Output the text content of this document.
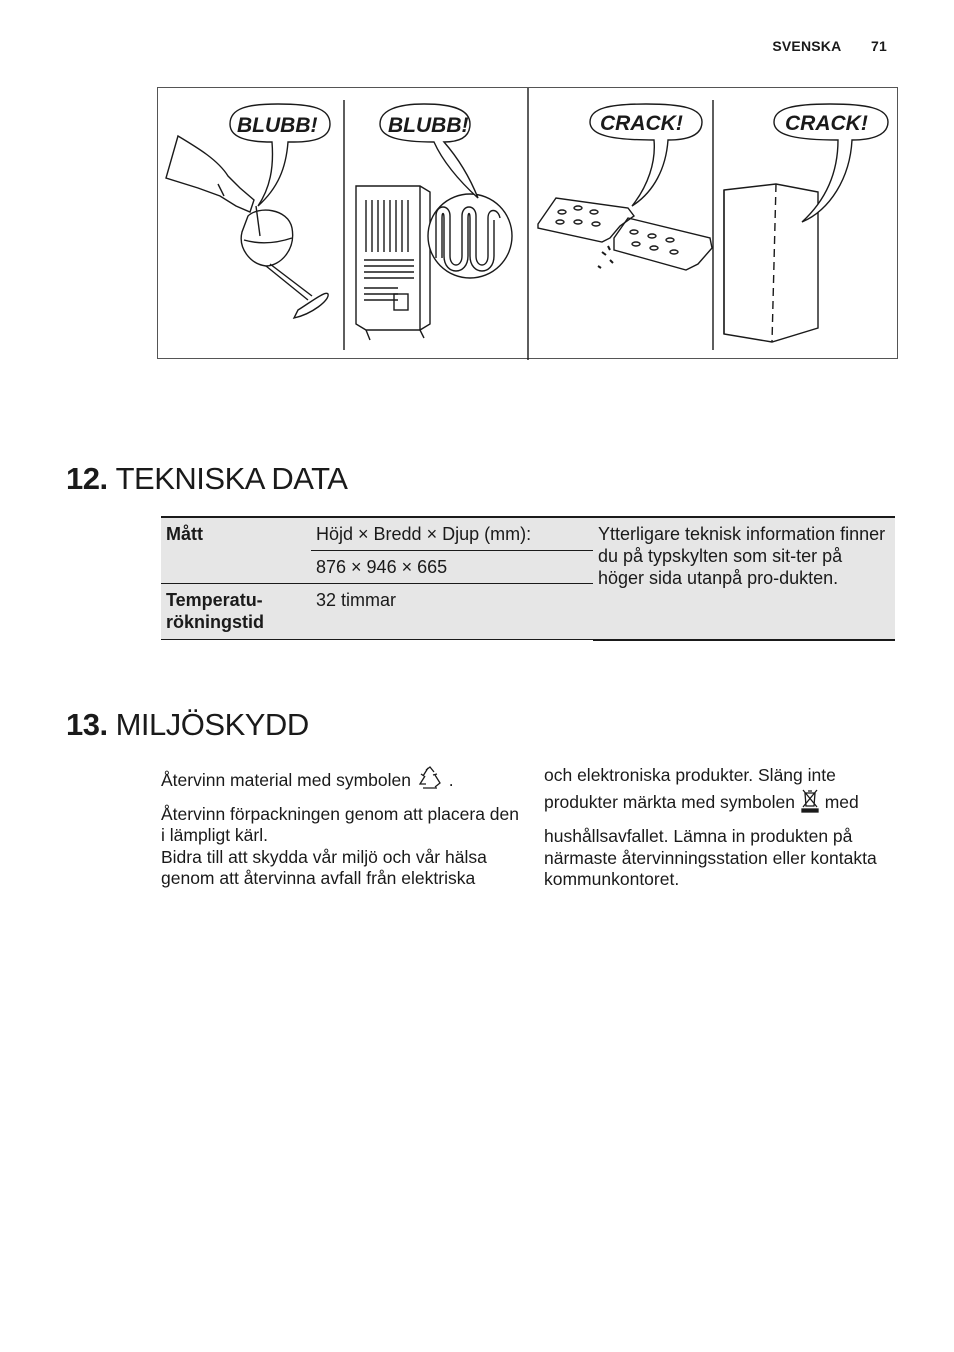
SVENSKA 71
BLUBB!	BLUBB!	CRACK!	CRACK!
12. TEKNISKA DATA
Mått	Höjd × Bredd × Djup (mm):	Ytterligare teknisk information finner du på typskylten som sit-ter på höger sida utanpå pro-dukten.
	876 × 946 × 665	
Temperatu-
rökningstid	32 timmar	
13. MILJÖSKYDD

Återvinn material med symbolen .

Återvinn förpackningen genom att placera den i lämpligt kärl.

Bidra till att skydda vår miljö och vår hälsa genom att återvinna avfall från elektriska

och elektroniska produkter. Släng inte produkter märkta med symbolen med

hushållsavfallet. Lämna in produkten på närmaste återvinningsstation eller kontakta kommunkontoret.
